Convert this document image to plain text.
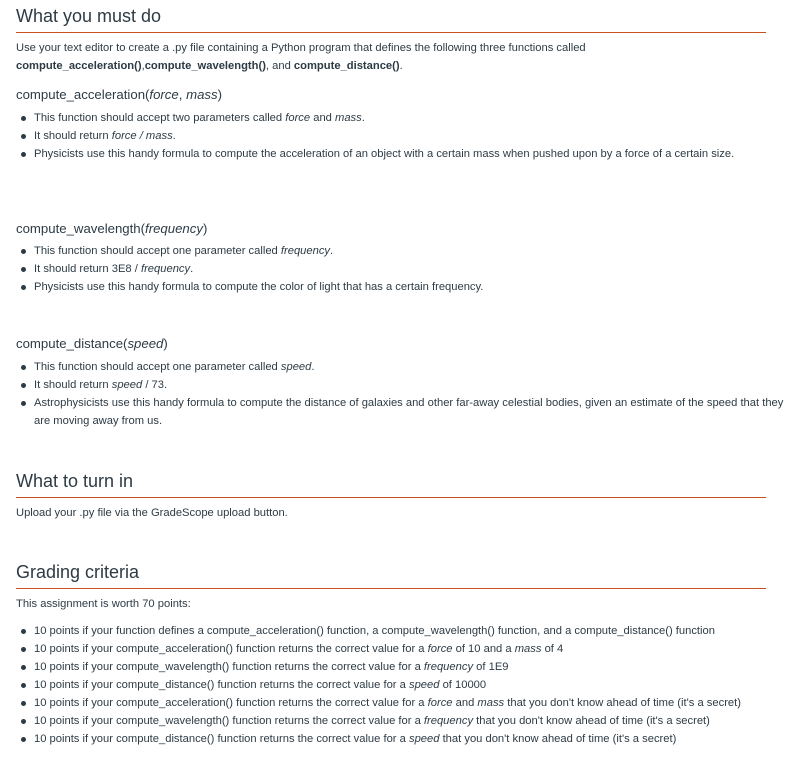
What you must do
Use your text editor to create a .py file containing a Python program that defines the following three functions called compute_acceleration(),compute_wavelength(), and compute_distance().
compute_acceleration(force, mass)
This function should accept two parameters called force and mass.
It should return force / mass.
Physicists use this handy formula to compute the acceleration of an object with a certain mass when pushed upon by a force of a certain size.
compute_wavelength(frequency)
This function should accept one parameter called frequency.
It should return 3E8 / frequency.
Physicists use this handy formula to compute the color of light that has a certain frequency.
compute_distance(speed)
This function should accept one parameter called speed.
It should return speed / 73.
Astrophysicists use this handy formula to compute the distance of galaxies and other far-away celestial bodies, given an estimate of the speed that they are moving away from us.
What to turn in
Upload your .py file via the GradeScope upload button.
Grading criteria
This assignment is worth 70 points:
10 points if your function defines a compute_acceleration() function, a compute_wavelength() function, and a compute_distance() function
10 points if your compute_acceleration() function returns the correct value for a force of 10 and a mass of 4
10 points if your compute_wavelength() function returns the correct value for a frequency of 1E9
10 points if your compute_distance() function returns the correct value for a speed of 10000
10 points if your compute_acceleration() function returns the correct value for a force and mass that you don't know ahead of time (it's a secret)
10 points if your compute_wavelength() function returns the correct value for a frequency that you don't know ahead of time (it's a secret)
10 points if your compute_distance() function returns the correct value for a speed that you don't know ahead of time (it's a secret)
